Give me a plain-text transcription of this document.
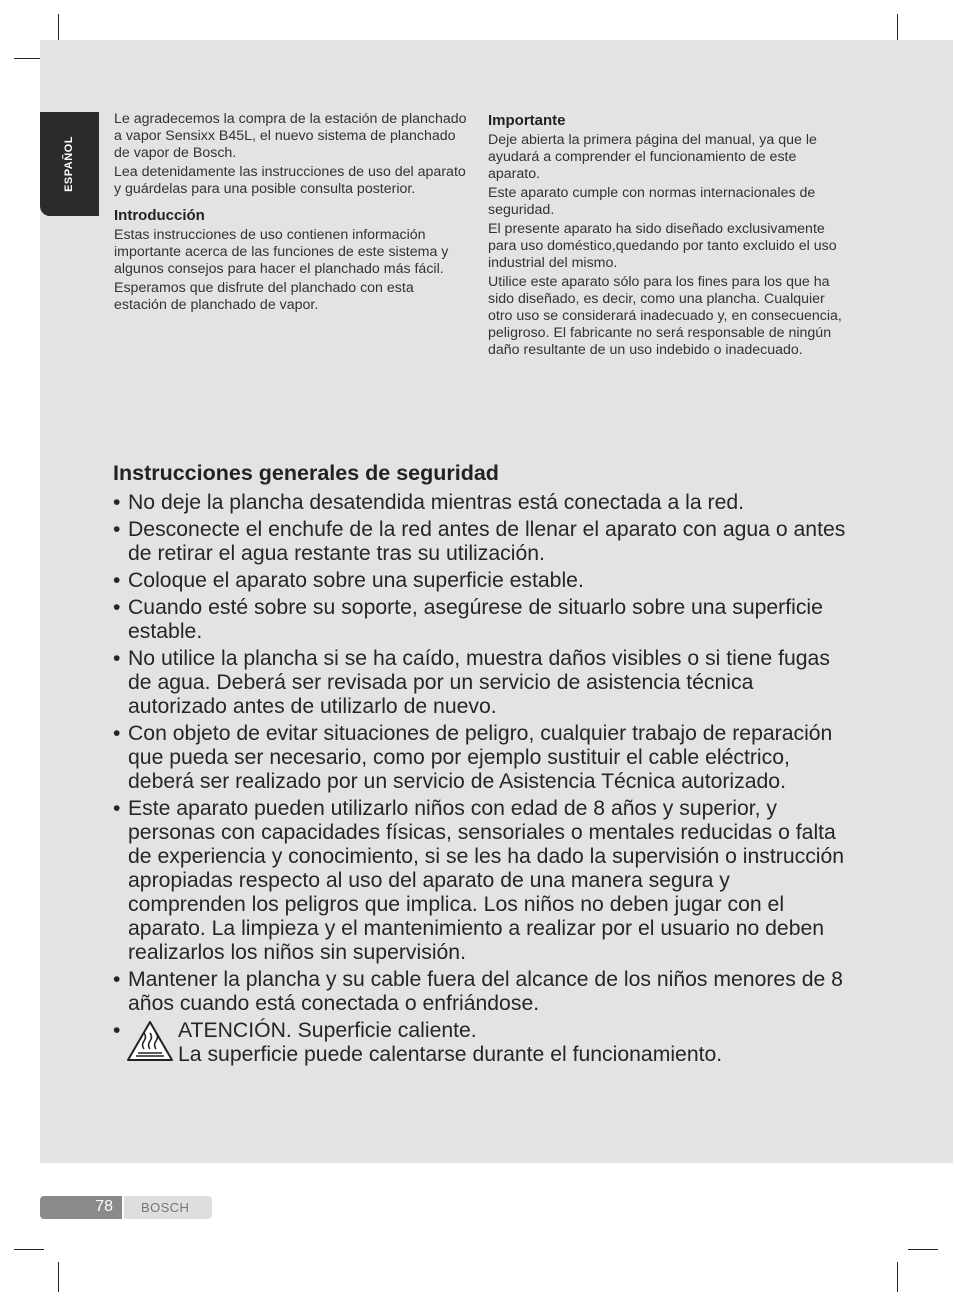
ESPAÑOL

Le agradecemos la compra de la estación de planchado a vapor Sensixx B45L, el nuevo sistema de planchado de vapor de Bosch.

Lea detenidamente las instrucciones de uso del aparato y guárdelas para una posible consulta posterior.

Introducción

Estas instrucciones de uso contienen información importante acerca de las funciones de este sistema y algunos consejos para hacer el planchado más fácil.

Esperamos que disfrute del planchado con esta estación de planchado de vapor.

Importante

Deje abierta la primera página del manual, ya que le ayudará a comprender el funcionamiento de este aparato.

Este aparato cumple con normas internacionales de seguridad.

El presente aparato ha sido diseñado exclusivamente para uso doméstico,quedando por tanto excluido el uso industrial del mismo.

Utilice este aparato sólo para los fines para los que ha sido diseñado, es decir, como una plancha. Cualquier otro uso se considerará inadecuado y, en consecuencia, peligroso. El fabricante no será responsable de ningún daño resultante de un uso indebido o inadecuado.

Instrucciones generales de seguridad
• No deje la plancha desatendida mientras está conectada a la red.
• Desconecte el enchufe de la red antes de llenar el aparato con agua o antes de retirar el agua restante tras su utilización.
• Coloque el aparato sobre una superficie estable.
• Cuando esté sobre su soporte, asegúrese de situarlo sobre una superficie estable.
• No utilice la plancha si se ha caído, muestra daños visibles o si tiene fugas de agua. Deberá ser revisada por un servicio de asistencia técnica autorizado antes de utilizarlo de nuevo.
• Con objeto de evitar situaciones de peligro, cualquier trabajo de reparación que pueda ser necesario, como por ejemplo sustituir el cable eléctrico, deberá ser realizado por un servicio de Asistencia Técnica autorizado.
• Este aparato pueden utilizarlo niños con edad de 8 años y superior, y personas con capacidades físicas, sensoriales o mentales reducidas o falta de experiencia y conocimiento, si se les ha dado la supervisión o instrucción apropiadas respecto al uso del aparato de una manera segura y comprenden los peligros que implica. Los niños no deben jugar con el aparato. La limpieza y el mantenimiento a realizar por el usuario no deben realizarlos los niños sin supervisión.
• Mantener la plancha y su cable fuera del alcance de los niños menores de 8 años cuando está conectada o enfriándose.
•	ATENCIÓN. Superficie caliente.
La superficie puede calentarse durante el funcionamiento.
78 BOSCH
